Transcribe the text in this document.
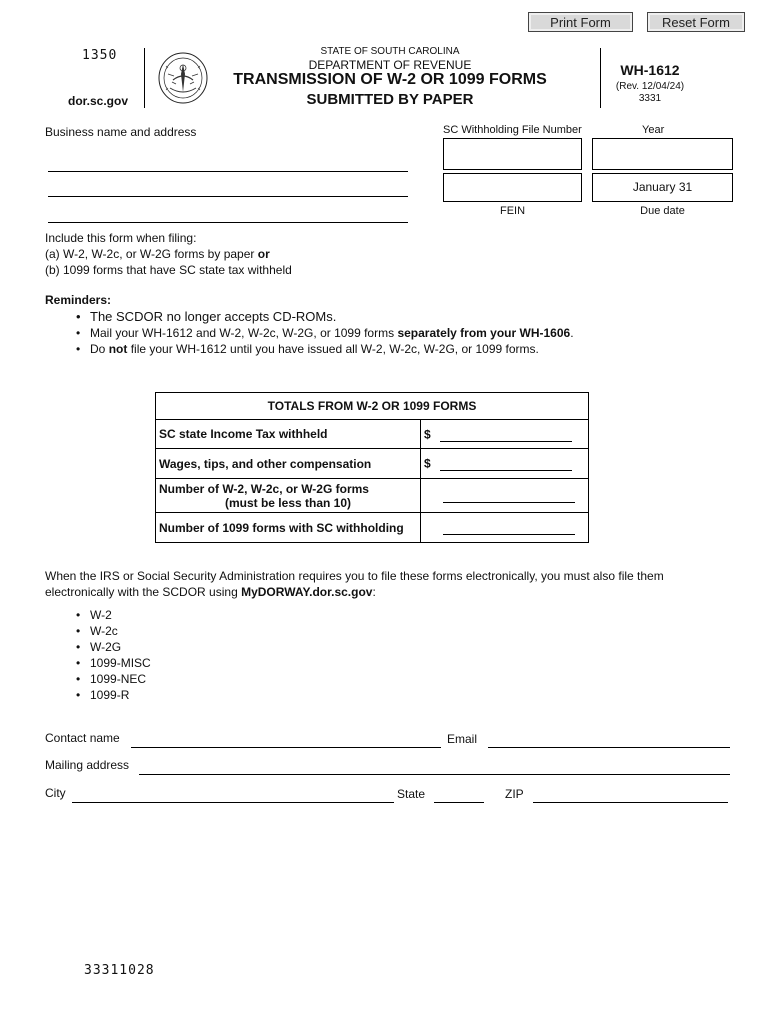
Print Form	Reset Form
1350
dor.sc.gov
STATE OF SOUTH CAROLINA
DEPARTMENT OF REVENUE
TRANSMISSION OF W-2 OR 1099 FORMS
SUBMITTED BY PAPER
WH-1612
(Rev. 12/04/24)
3331
Business name and address	SC Withholding File Number	Year
January 31
FEIN	Due date
Include this form when filing:
(a) W-2, W-2c, or W-2G forms by paper or
(b) 1099 forms that have SC state tax withheld
Reminders:
• The SCDOR no longer accepts CD-ROMs.
• Mail your WH-1612 and W-2, W-2c, W-2G, or 1099 forms separately from your WH-1606.
• Do not file your WH-1612 until you have issued all W-2, W-2c, W-2G, or 1099 forms.
TOTALS FROM W-2 OR 1099 FORMS	
SC state Income Tax withheld	$
Wages, tips, and other compensation	$

Number of W-2, W-2c, or W-2G forms
(must be less than 10)

Number of 1099 forms with SC withholding	
When the IRS or Social Security Administration requires you to file these forms electronically, you must also file them electronically with the SCDOR using MyDORWAY.dor.sc.gov:
• W-2
• W-2c
• W-2G
• 1099-MISC
• 1099-NEC
• 1099-R
Contact name	Email
Mailing address
City	State	ZIP
33311028
